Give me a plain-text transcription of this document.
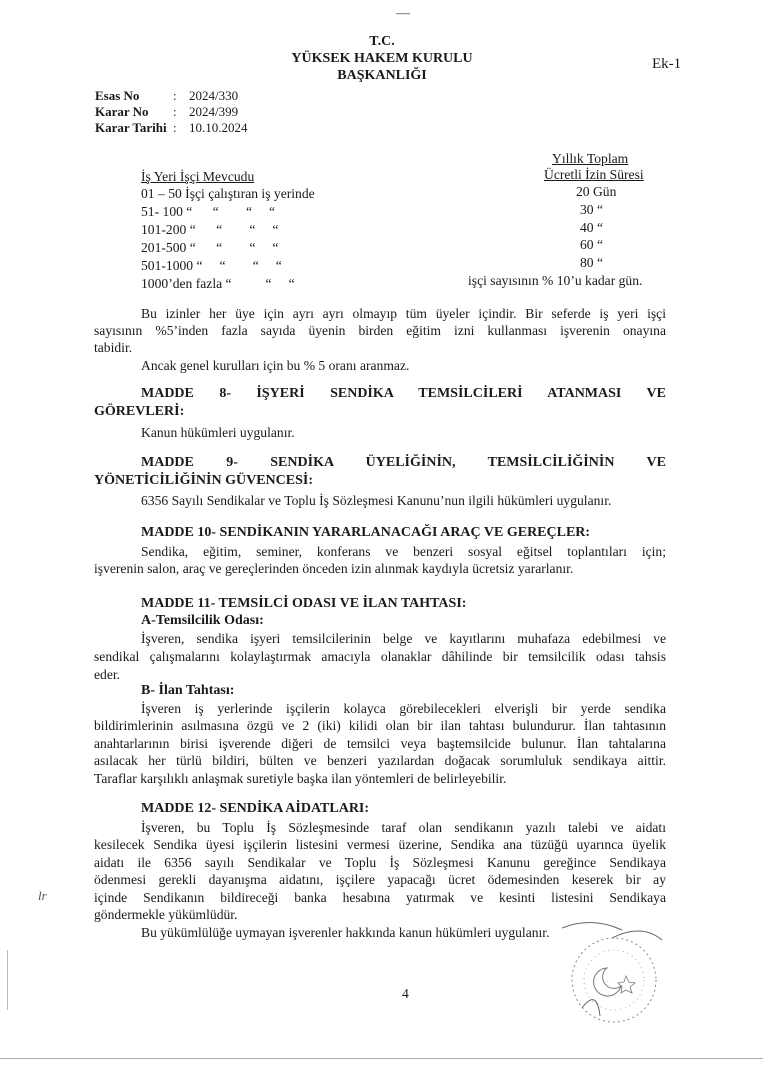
—
T.C.
YÜKSEK HAKEM KURULU
BAŞKANLIĞI
Ek-1
Esas No	: 2024/330
Karar No : 2024/399
Karar Tarihi : 10.10.2024
Yıllık Toplam
İş Yeri İşçi Mevcudu	Ücretli İzin Süresi
01 – 50 İşçi çalıştıran iş yerinde	20 Gün
51- 100 “      “        “     “	30 “
101-200 “      “        “     “	40 “
201-500 “      “        “     “	60 “
501-1000 “     “        “     “	80 “
1000’den fazla “          “     “	işçi sayısının % 10’u kadar gün.
Bu izinler her üye için ayrı ayrı olmayıp tüm üyeler içindir. Bir seferde iş yeri işçi
sayısının %5’inden fazla sayıda üyenin birden eğitim izni kullanması işverenin onayına
tabidir.
Ancak genel kurulları için bu % 5 oranı aranmaz.
MADDE 8- İŞYERİ SENDİKA TEMSİLCİLERİ ATANMASI VE
GÖREVLERİ:
Kanun hükümleri uygulanır.
MADDE 9- SENDİKA ÜYELİĞİNİN, TEMSİLCİLİĞİNİN VE
YÖNETİCİLİĞİNİN GÜVENCESİ:
6356 Sayılı Sendikalar ve Toplu İş Sözleşmesi Kanunu’nun ilgili hükümleri uygulanır.
MADDE 10- SENDİKANIN YARARLANACAĞI ARAÇ VE GEREÇLER:
Sendika, eğitim, seminer, konferans ve benzeri sosyal eğitsel toplantıları için;
işverenin salon, araç ve gereçlerinden önceden izin alınmak kaydıyla ücretsiz yararlanır.
MADDE 11- TEMSİLCİ ODASI VE İLAN TAHTASI:
A-Temsilcilik Odası:
İşveren, sendika işyeri temsilcilerinin belge ve kayıtlarını muhafaza edebilmesi ve
sendikal çalışmalarını kolaylaştırmak amacıyla olanaklar dâhilinde bir temsilcilik odası tahsis
eder.
B- İlan Tahtası:
İşveren iş yerlerinde işçilerin kolayca görebilecekleri elverişli bir yerde sendika
bildirimlerinin asılmasına özgü ve 2 (iki) kilidi olan bir ilan tahtası bulundurur. İlan tahtasının
anahtarlarının birisi işverende diğeri de temsilci veya baştemsilcide bulunur. İlan tahtalarına
asılacak her türlü bildiri, bülten ve benzeri yazılardan doğacak sorumluluk sendikaya aittir.
Taraflar karşılıklı anlaşmak suretiyle başka ilan yöntemleri de belirleyebilir.
MADDE 12- SENDİKA AİDATLARI:
İşveren, bu Toplu İş Sözleşmesinde taraf olan sendikanın yazılı talebi ve aidatı
kesilecek Sendika üyesi işçilerin listesini vermesi üzerine, Sendika ana tüzüğü uyarınca üyelik
aidatı ile 6356 sayılı Sendikalar ve Toplu İş Sözleşmesi Kanunu gereğince Sendikaya
ödenmesi gerekli dayanışma aidatını, işçilere yapacağı ücret ödemesinden keserek bir ay
içinde Sendikanın bildireceği banka hesabına yatırmak ve kesinti listesini Sendikaya
göndermekle yükümlüdür.
Bu yükümlülüğe uymayan işverenler hakkında kanun hükümleri uygulanır.
lr
4
